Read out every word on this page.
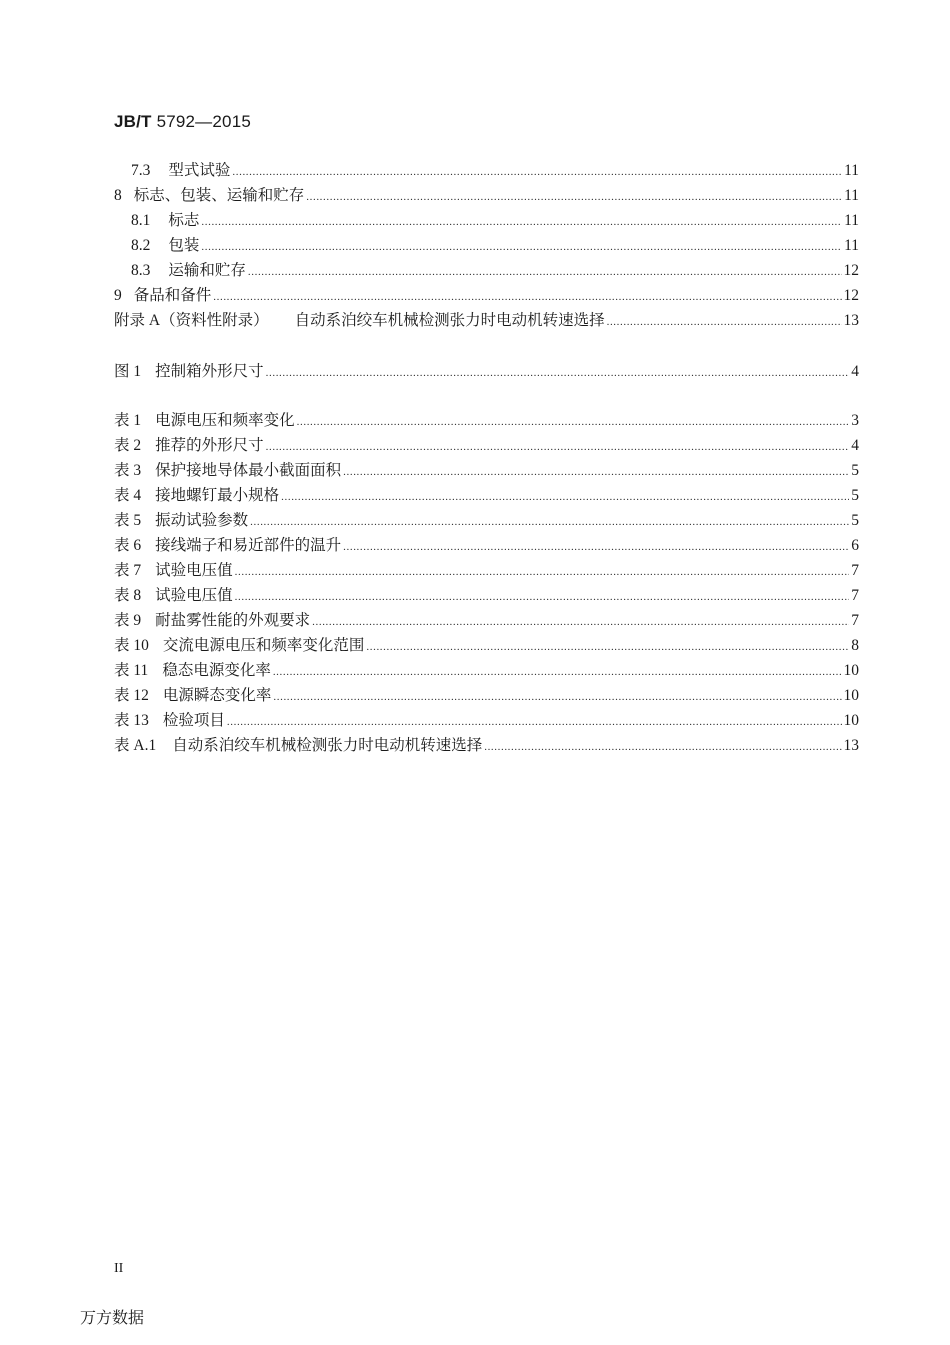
JB/T 5792—2015
7.3 型式试验 .....	11
8 标志、包装、运输和贮存 .....	11
8.1 标志 .....	11
8.2 包装 .....	11
8.3 运输和贮存 .....	12
9 备品和备件 .....	12
附录 A（资料性附录） 自动系泊绞车机械检测张力时电动机转速选择 .....	13
图 1 控制箱外形尺寸 .....	4
表 1 电源电压和频率变化 .....	3
表 2 推荐的外形尺寸 .....	4
表 3 保护接地导体最小截面面积 .....	5
表 4 接地螺钉最小规格 .....	5
表 5 振动试验参数 .....	5
表 6 接线端子和易近部件的温升 .....	6
表 7 试验电压值 .....	7
表 8 试验电压值 .....	7
表 9 耐盐雾性能的外观要求 .....	7
表 10 交流电源电压和频率变化范围 .....	8
表 11 稳态电源变化率 .....	10
表 12 电源瞬态变化率 .....	10
表 13 检验项目 .....	10
表 A.1 自动系泊绞车机械检测张力时电动机转速选择 .....	13
II
万方数据
